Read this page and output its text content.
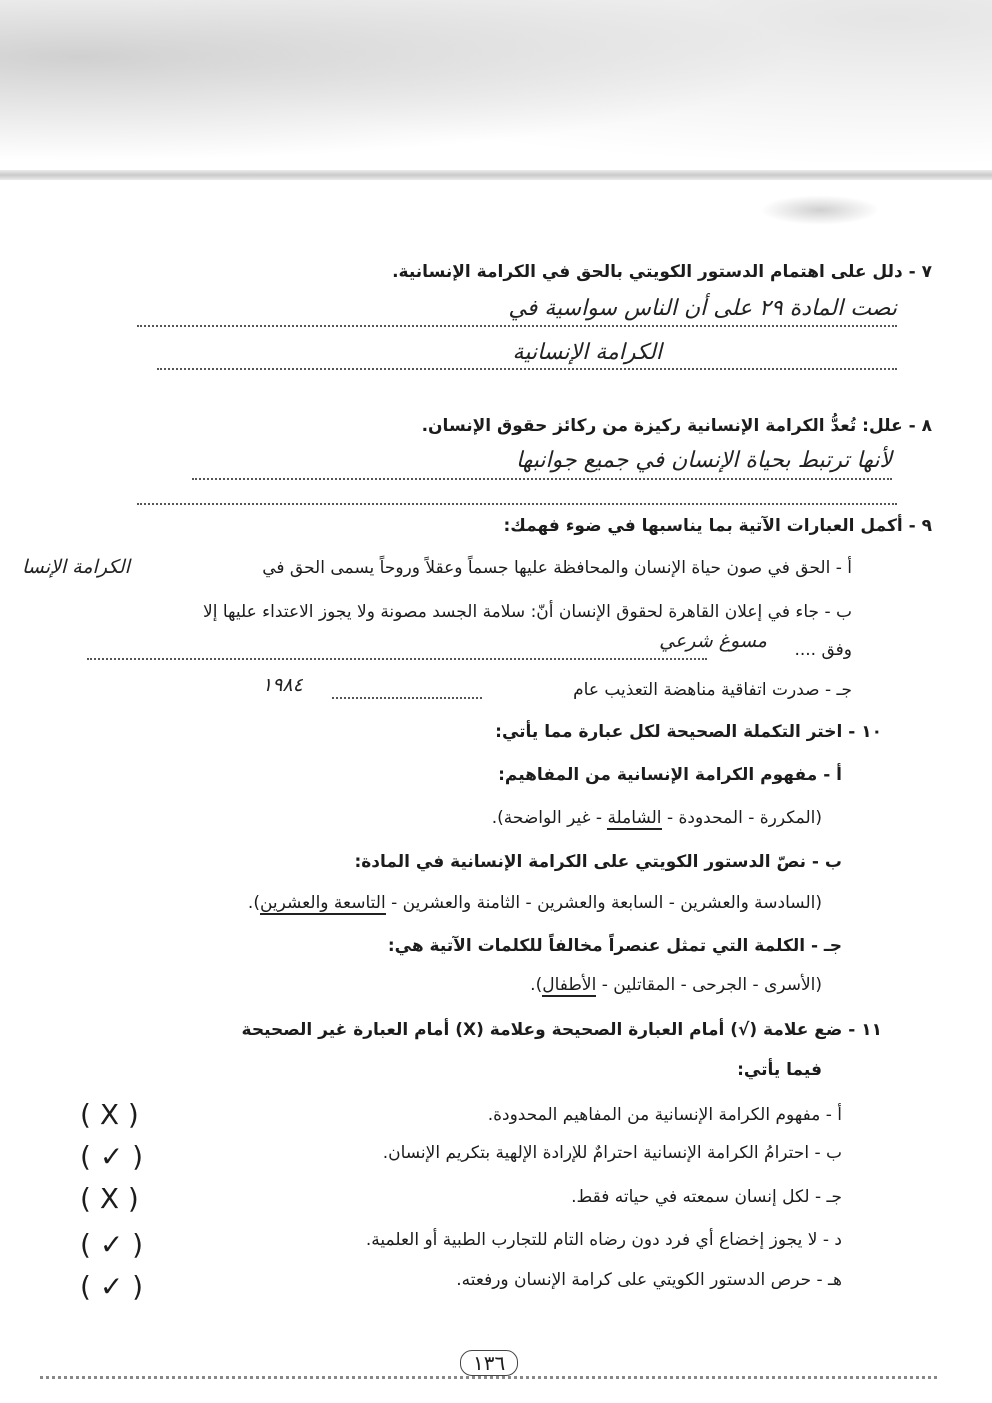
٧ - دلل على اهتمام الدستور الكويتي بالحق في الكرامة الإنسانية.
نصت المادة ٢٩ على أن الناس سواسية في
الكرامة الإنسانية
٨ - علل: تُعدُّ الكرامة الإنسانية ركيزة من ركائز حقوق الإنسان.
لأنها ترتبط بحياة الإنسان في جميع جوانبها
٩ - أكمل العبارات الآتية بما يناسبها في ضوء فهمك:
أ - الحق في صون حياة الإنسان والمحافظة عليها جسماً وعقلاً وروحاً يسمى الحق في
الكرامة الإنسا
ب - جاء في إعلان القاهرة لحقوق الإنسان أنّ: سلامة الجسد مصونة ولا يجوز الاعتداء عليها إلا
وفق ....
مسوغ شرعي
جـ - صدرت اتفاقية مناهضة التعذيب عام
١٩٨٤
١٠ - اختر التكملة الصحيحة لكل عبارة مما يأتي:
أ - مفهوم الكرامة الإنسانية من المفاهيم:
(المكررة - المحدودة - الشاملة - غير الواضحة).
ب - نصّ الدستور الكويتي على الكرامة الإنسانية في المادة:
(السادسة والعشرين - السابعة والعشرين - الثامنة والعشرين - التاسعة والعشرين).
جـ - الكلمة التي تمثل عنصراً مخالفاً للكلمات الآتية هي:
(الأسرى - الجرحى - المقاتلين - الأطفال).
١١ - ضع علامة (√) أمام العبارة الصحيحة وعلامة (X) أمام العبارة غير الصحيحة
فيما يأتي:
أ - مفهوم الكرامة الإنسانية من المفاهيم المحدودة.
( X )
ب - احترامُ الكرامة الإنسانية احترامٌ للإرادة الإلهية بتكريم الإنسان.
( ✓ )
جـ - لكل إنسان سمعته في حياته فقط.
( X )
د - لا يجوز إخضاع أي فرد دون رضاه التام للتجارب الطبية أو العلمية.
( ✓ )
هـ - حرص الدستور الكويتي على كرامة الإنسان ورفعته.
( ✓ )
١٣٦
